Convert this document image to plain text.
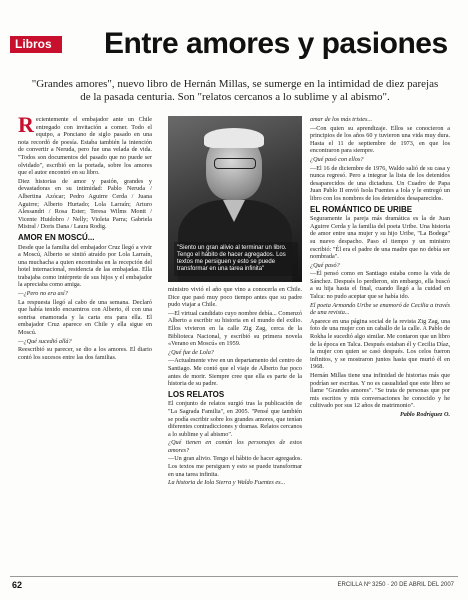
Libros	Entre amores y pasiones
"Grandes amores", nuevo libro de Hernán Millas, se sumerge en la intimidad de diez parejas de la pasada centuria. Son "relatos cercanos a lo sublime y al abismo".

Recientemente el embajador ante un Chile entregado con invitación a comer. Todo el equipo, a Ponciano de siglo pasado en una nota recordó de poesía. Estaba también la intención de convertir a Neruda, pero fue una velada de vida. "Todos son documentos del pasado que no puede ser olvidado", escribió en la portada, sobre los amores que el autor encontró en su libro.

Diez historias de amor y pasión, grandes y devastadoras en su intimidad: Pablo Neruda / Albertina Azócar; Pedro Aguirre Cerda / Juana Aguirre; Alberto Hurtado; Lola Larraín; Arturo Alessandri / Rosa Ester; Teresa Wilms Montt / Vicente Huidobro / Nelly; Violeta Parra; Gabriela Mistral / Doris Dana / Laura Rodig.

AMOR EN MOSCÚ...

Desde que la familia del embajador Cruz llegó a vivir a Moscú, Alberto se sintió atraído por Lola Larraín, una muchacha a quien encontraba en la recepción del hotel internacional, residencia de las embajadas. Ella trabajaba como intérprete de sus hijos y el embajador la apreciaba como amiga.

—¿Pero no era así?

La respuesta llegó al cabo de una semana. Declaró que había tenido encuentros con Alberto, él con una sonrisa enamorada y la carta era para ella. El embajador Cruz aparece en Chile y ella sigue en Moscú.

—¿Qué sucedió allá?

Reescribió su parecer, se dio a los amores. El diario contó los sucesos entre las dos familias.

"Siento un gran alivio al terminar un libro. Tengo el hábito de hacer agregados. Los textos me persiguen y esto se puede transformar en una tarea infinita"

ministro vivió el año que vino a conocerla en Chile. Dice que pasó muy poco tiempo antes que su padre pudo viajar a Chile.

—El virtual candidato cuyo nombre debía... Comenzó Alberto a escribir su historia en el mundo del exilio. Ellos vivieron en la calle Zig Zag, cerca de la Biblioteca Nacional, y escribió su primera novela «Verano en Moscú» en 1959.

¿Qué fue de Lola?

—Actualmente vive en un departamento del centro de Santiago. Me contó que el viaje de Alberto fue poco antes de morir. Siempre cree que ella es parte de la historia de su padre.

LOS RELATOS

El conjunto de relatos surgió tras la publicación de "La Sagrada Familia", en 2005. "Pensé que también se podía escribir sobre los grandes amores, que tenían diferentes contradicciones y dramas. Relatos cercanos a lo sublime y al abismo".

¿Qué tienen en común los personajes de estos amores?

—Un gran alivio. Tengo el hábito de hacer agregados. Los textos me persiguen y esto se puede transformar en una tarea infinita.

La historia de Iola Sierra y Waldo Fuentes es...

amar de los más tristes...

—Con quien su aprendizaje. Ellos se conocieron a principios de los años 60 y tuvieron una vida muy dura. Hasta el 11 de septiembre de 1973, en que los encontraron para siempre.

¿Qué pasó con ellos?

—El 16 de diciembre de 1976, Waldo salió de su casa y nunca regresó. Pero a integrar la lista de los detenidos desaparecidos de una dictadura. Un Cuadro de Papa Juan Pablo II envió Isola Fuentes a Iola y le entregó un libro con los nombres de los detenidos desaparecidos.

EL ROMÁNTICO DE URIBE

Seguramente la pareja más dramática es la de Juan Aguirre Cerda y la familia del poeta Uribe. Una historia de amor entre una mujer y su hijo Uribe, "La Bodega" su nuevo despacho. Paso el tiempo y un ministro escribió: "Él era el padre de una madre que no debía ser nombrada".

¿Qué pasó?

—Él pensó como en Santiago estaba como la vida de Sánchez. Después lo perdieron, sin embargo, ella buscó a su hija hasta el final, cuando llegó a la cuidad en Talca: no pudo aceptar que se había ido.

El poeta Armando Uribe se enamoró de Cecilia a través de una revista...

Aparece en una página social de la revista Zig Zag, una foto de una mujer con un caballo de la calle. A Pablo de Rokha le sucedió algo similar. Me contaron que un libro de la época en Talca. Después estaban él y Cecilia Díaz, la mujer con quien se casó después. Los celos fueron infinitos, y se mostraron juntos hasta que murió él en 1968.

Hernán Millas tiene una infinidad de historias más que podrían ser escritas. Y no es casualidad que este libro se llame "Grandes amores". "Se trata de personas que por mis escritos y mis conversaciones he conocido y he cultivado por sus 12 años de matrimonio".

Pablo Rodríguez O.

62	ERCILLA Nº 3250 · 20 DE ABRIL DEL 2007
